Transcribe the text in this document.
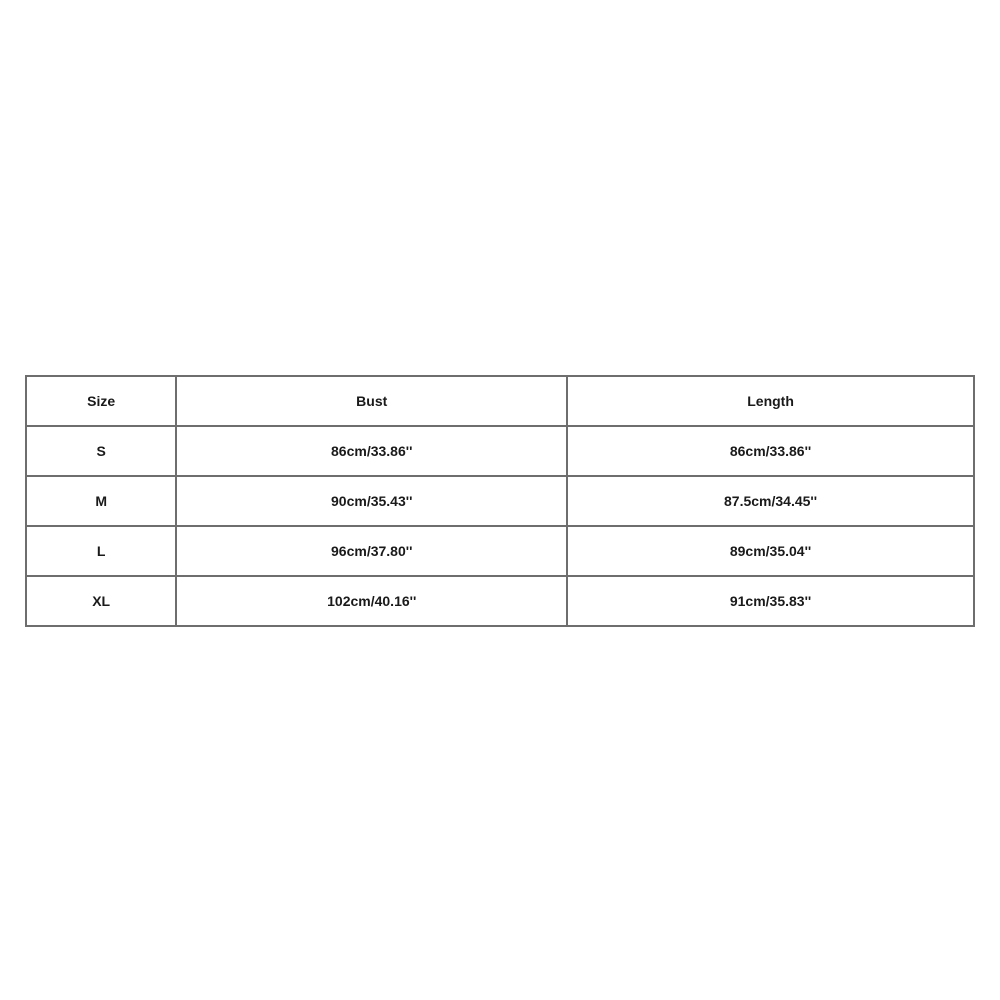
Size	Bust	Length
S	86cm/33.86''	86cm/33.86''
M	90cm/35.43''	87.5cm/34.45''
L	96cm/37.80''	89cm/35.04''
XL	102cm/40.16''	91cm/35.83''
